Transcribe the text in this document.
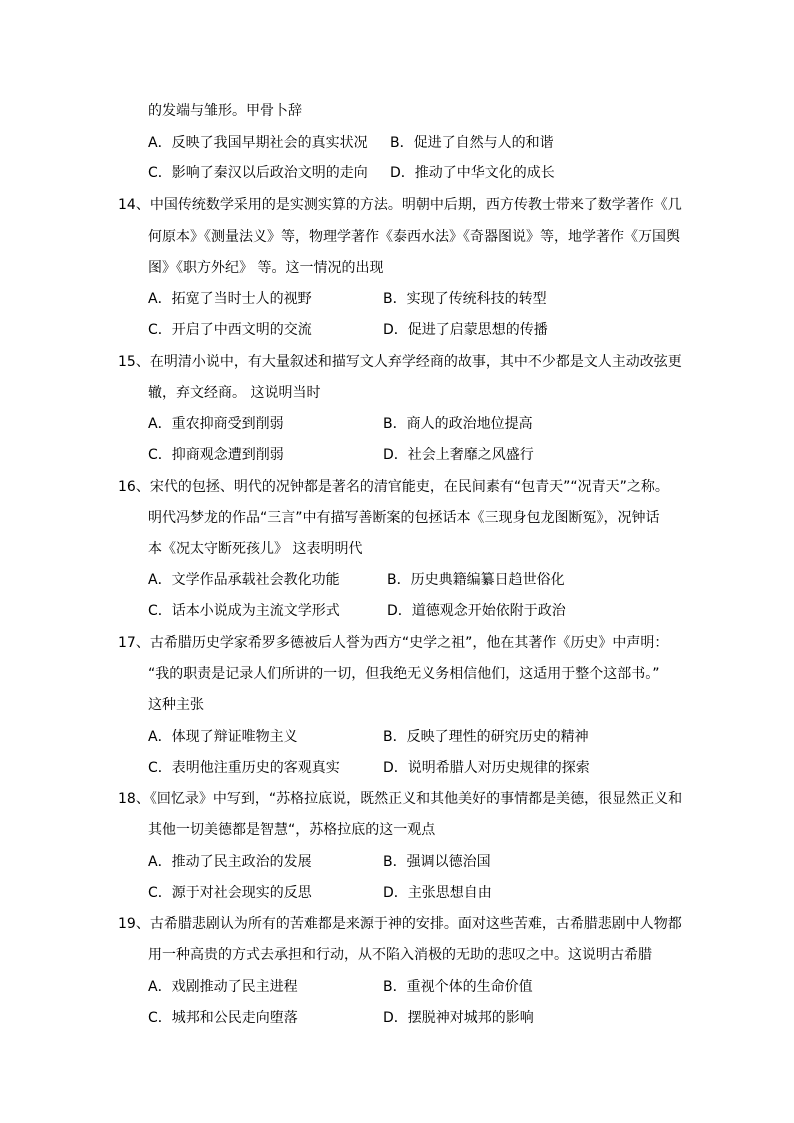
的发端与雏形。甲骨卜辞
A．反映了我国早期社会的真实状况 B．促进了自然与人的和谐
C．影响了秦汉以后政治文明的走向 D．推动了中华文化的成长
14、中国传统数学采用的是实测实算的方法。明朝中后期，西方传教士带来了数学著作《几
何原本》《测量法义》等，物理学著作《泰西水法》《奇器图说》等，地学著作《万国舆
图》《职方外纪》 等。这一情况的出现
A．拓宽了当时士人的视野	B．实现了传统科技的转型
C．开启了中西文明的交流	D．促进了启蒙思想的传播
15、在明清小说中，有大量叙述和描写文人弃学经商的故事，其中不少都是文人主动改弦更
辙，弃文经商。 这说明当时
A．重农抑商受到削弱	B．商人的政治地位提高
C．抑商观念遭到削弱	D．社会上奢靡之风盛行
16、宋代的包拯、明代的况钟都是著名的清官能吏，在民间素有“包青天”“况青天”之称。
明代冯梦龙的作品“三言”中有描写善断案的包拯话本《三现身包龙图断冤》，况钟话
本《况太守断死孩儿》 这表明明代
A．文学作品承载社会教化功能	B．历史典籍编纂日趋世俗化
C．话本小说成为主流文学形式	D．道德观念开始依附于政治
17、古希腊历史学家希罗多德被后人誉为西方“史学之祖”，他在其著作《历史》中声明：
“我的职责是记录人们所讲的一切，但我绝无义务相信他们，这适用于整个这部书。”
这种主张
A．体现了辩证唯物主义	B．反映了理性的研究历史的精神
C．表明他注重历史的客观真实	D．说明希腊人对历史规律的探索
18、《回忆录》中写到，“苏格拉底说，既然正义和其他美好的事情都是美德，很显然正义和
其他一切美德都是智慧“，苏格拉底的这一观点
A．推动了民主政治的发展	B．强调以德治国
C．源于对社会现实的反思	D．主张思想自由
19、古希腊悲剧认为所有的苦难都是来源于神的安排。面对这些苦难，古希腊悲剧中人物都
用一种高贵的方式去承担和行动，从不陷入消极的无助的悲叹之中。这说明古希腊
A．戏剧推动了民主进程	B．重视个体的生命价值
C．城邦和公民走向堕落	D．摆脱神对城邦的影响
